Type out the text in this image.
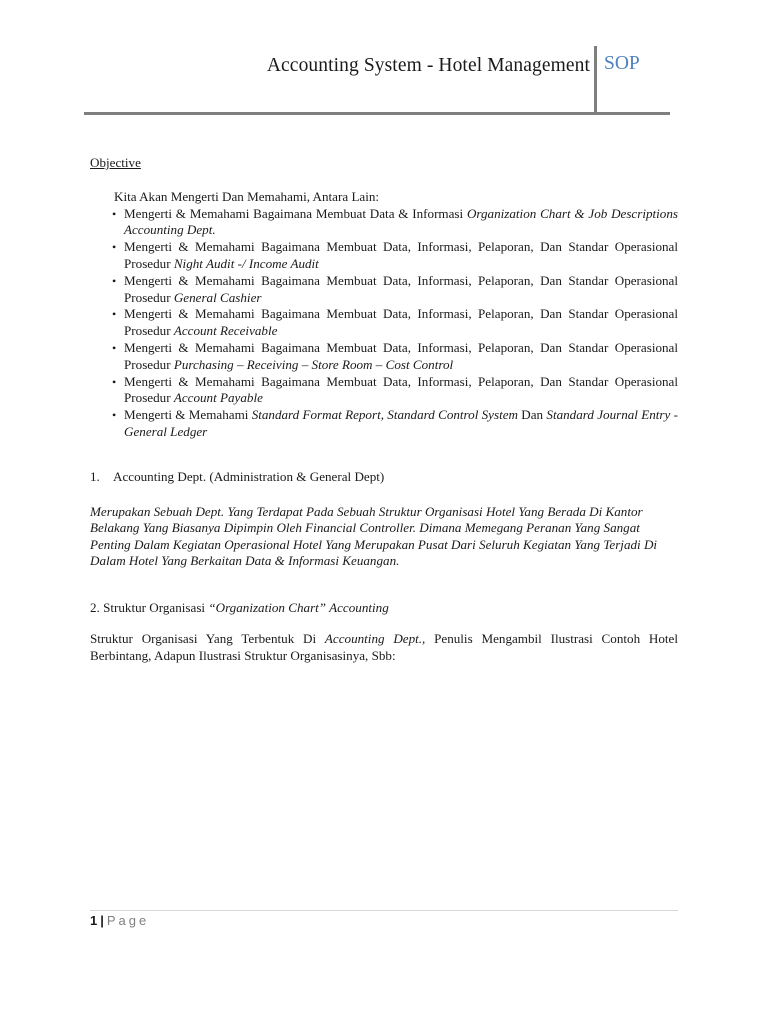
Accounting System - Hotel Management SOP

Objective

Kita Akan Mengerti Dan Memahami, Antara Lain:

• Mengerti & Memahami Bagaimana Membuat Data & Informasi Organization Chart & Job Descriptions Accounting Dept.
• Mengerti & Memahami Bagaimana Membuat Data, Informasi, Pelaporan, Dan Standar Operasional Prosedur Night Audit -/ Income Audit
• Mengerti & Memahami Bagaimana Membuat Data, Informasi, Pelaporan, Dan Standar Operasional Prosedur General Cashier
• Mengerti & Memahami Bagaimana Membuat Data, Informasi, Pelaporan, Dan Standar Operasional Prosedur Account Receivable
• Mengerti & Memahami Bagaimana Membuat Data, Informasi, Pelaporan, Dan Standar Operasional Prosedur Purchasing – Receiving – Store Room – Cost Control
• Mengerti & Memahami Bagaimana Membuat Data, Informasi, Pelaporan, Dan Standar Operasional Prosedur Account Payable
• Mengerti & Memahami Standard Format Report, Standard Control System Dan Standard Journal Entry - General Ledger
1.	Accounting Dept. (Administration & General Dept)
Merupakan Sebuah Dept. Yang Terdapat Pada Sebuah Struktur Organisasi Hotel Yang Berada Di Kantor Belakang Yang Biasanya Dipimpin Oleh Financial Controller. Dimana Memegang Peranan Yang Sangat Penting Dalam Kegiatan Operasional Hotel Yang Merupakan Pusat Dari Seluruh Kegiatan Yang Terjadi Di Dalam Hotel Yang Berkaitan Data & Informasi Keuangan.
2. Struktur Organisasi “Organization Chart” Accounting
Struktur Organisasi Yang Terbentuk Di Accounting Dept., Penulis Mengambil Ilustrasi Contoh Hotel Berbintang, Adapun Ilustrasi Struktur Organisasinya, Sbb:
1 | Page
